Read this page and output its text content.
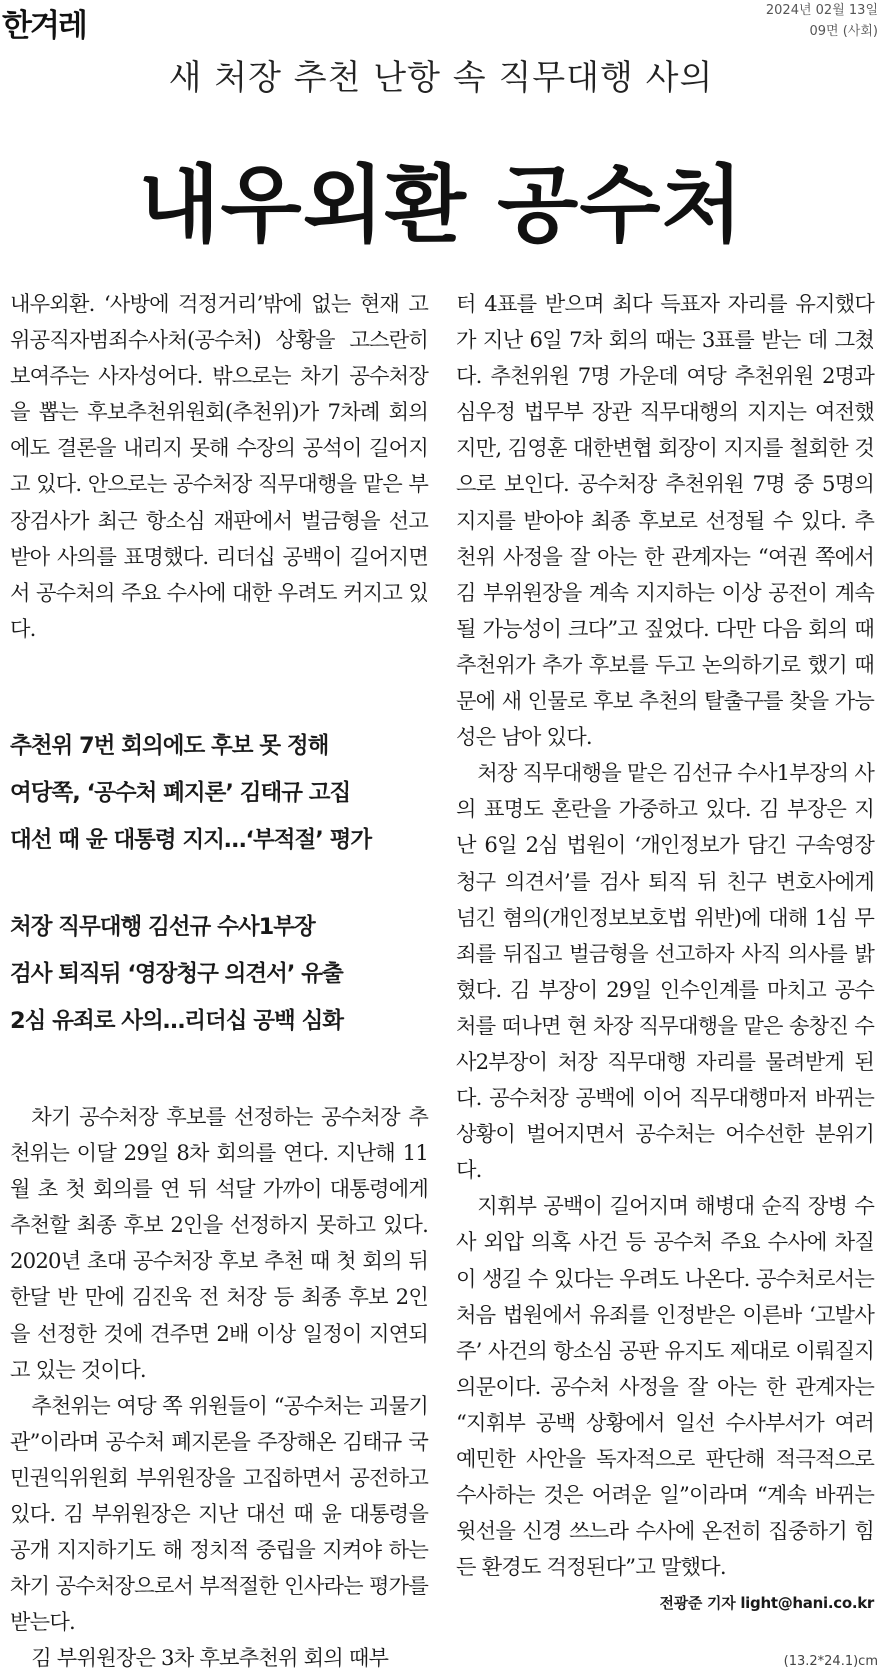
한겨레	2024년 02월 13일
09면 (사회)
새 처장 추천 난항 속 직무대행 사의
내우외환 공수처

내우외환. ‘사방에 걱정거리’밖에 없는 현재 고위공직자범죄수사처(공수처) 상황을 고스란히 보여주는 사자성어다. 밖으로는 차기 공수처장을 뽑는 후보추천위원회(추천위)가 7차례 회의에도 결론을 내리지 못해 수장의 공석이 길어지고 있다. 안으로는 공수처장 직무대행을 맡은 부장검사가 최근 항소심 재판에서 벌금형을 선고받아 사의를 표명했다. 리더십 공백이 길어지면서 공수처의 주요 수사에 대한 우려도 커지고 있다.

추천위 7번 회의에도 후보 못 정해
여당쪽, ‘공수처 폐지론’ 김태규 고집
대선 때 윤 대통령 지지…‘부적절’ 평가
처장 직무대행 김선규 수사1부장
검사 퇴직뒤 ‘영장청구 의견서’ 유출
2심 유죄로 사의…리더십 공백 심화

차기 공수처장 후보를 선정하는 공수처장 추천위는 이달 29일 8차 회의를 연다. 지난해 11월 초 첫 회의를 연 뒤 석달 가까이 대통령에게 추천할 최종 후보 2인을 선정하지 못하고 있다. 2020년 초대 공수처장 후보 추천 때 첫 회의 뒤 한달 반 만에 김진욱 전 처장 등 최종 후보 2인을 선정한 것에 견주면 2배 이상 일정이 지연되고 있는 것이다.

추천위는 여당 쪽 위원들이 “공수처는 괴물기관”이라며 공수처 폐지론을 주장해온 김태규 국민권익위원회 부위원장을 고집하면서 공전하고 있다. 김 부위원장은 지난 대선 때 윤 대통령을 공개 지지하기도 해 정치적 중립을 지켜야 하는 차기 공수처장으로서 부적절한 인사라는 평가를 받는다.

김 부위원장은 3차 후보추천위 회의 때부

터 4표를 받으며 최다 득표자 자리를 유지했다가 지난 6일 7차 회의 때는 3표를 받는 데 그쳤다. 추천위원 7명 가운데 여당 추천위원 2명과 심우정 법무부 장관 직무대행의 지지는 여전했지만, 김영훈 대한변협 회장이 지지를 철회한 것으로 보인다. 공수처장 추천위원 7명 중 5명의 지지를 받아야 최종 후보로 선정될 수 있다. 추천위 사정을 잘 아는 한 관계자는 “여권 쪽에서 김 부위원장을 계속 지지하는 이상 공전이 계속될 가능성이 크다”고 짚었다. 다만 다음 회의 때 추천위가 추가 후보를 두고 논의하기로 했기 때문에 새 인물로 후보 추천의 탈출구를 찾을 가능성은 남아 있다.

처장 직무대행을 맡은 김선규 수사1부장의 사의 표명도 혼란을 가중하고 있다. 김 부장은 지난 6일 2심 법원이 ‘개인정보가 담긴 구속영장 청구 의견서’를 검사 퇴직 뒤 친구 변호사에게 넘긴 혐의(개인정보보호법 위반)에 대해 1심 무죄를 뒤집고 벌금형을 선고하자 사직 의사를 밝혔다. 김 부장이 29일 인수인계를 마치고 공수처를 떠나면 현 차장 직무대행을 맡은 송창진 수사2부장이 처장 직무대행 자리를 물려받게 된다. 공수처장 공백에 이어 직무대행마저 바뀌는 상황이 벌어지면서 공수처는 어수선한 분위기다.

지휘부 공백이 길어지며 해병대 순직 장병 수사 외압 의혹 사건 등 공수처 주요 수사에 차질이 생길 수 있다는 우려도 나온다. 공수처로서는 처음 법원에서 유죄를 인정받은 이른바 ‘고발사주’ 사건의 항소심 공판 유지도 제대로 이뤄질지 의문이다. 공수처 사정을 잘 아는 한 관계자는 “지휘부 공백 상황에서 일선 수사부서가 여러 예민한 사안을 독자적으로 판단해 적극적으로 수사하는 것은 어려운 일”이라며 “계속 바뀌는 윗선을 신경 쓰느라 수사에 온전히 집중하기 힘든 환경도 걱정된다”고 말했다.

전광준 기자 light@hani.co.kr
(13.2*24.1)cm
